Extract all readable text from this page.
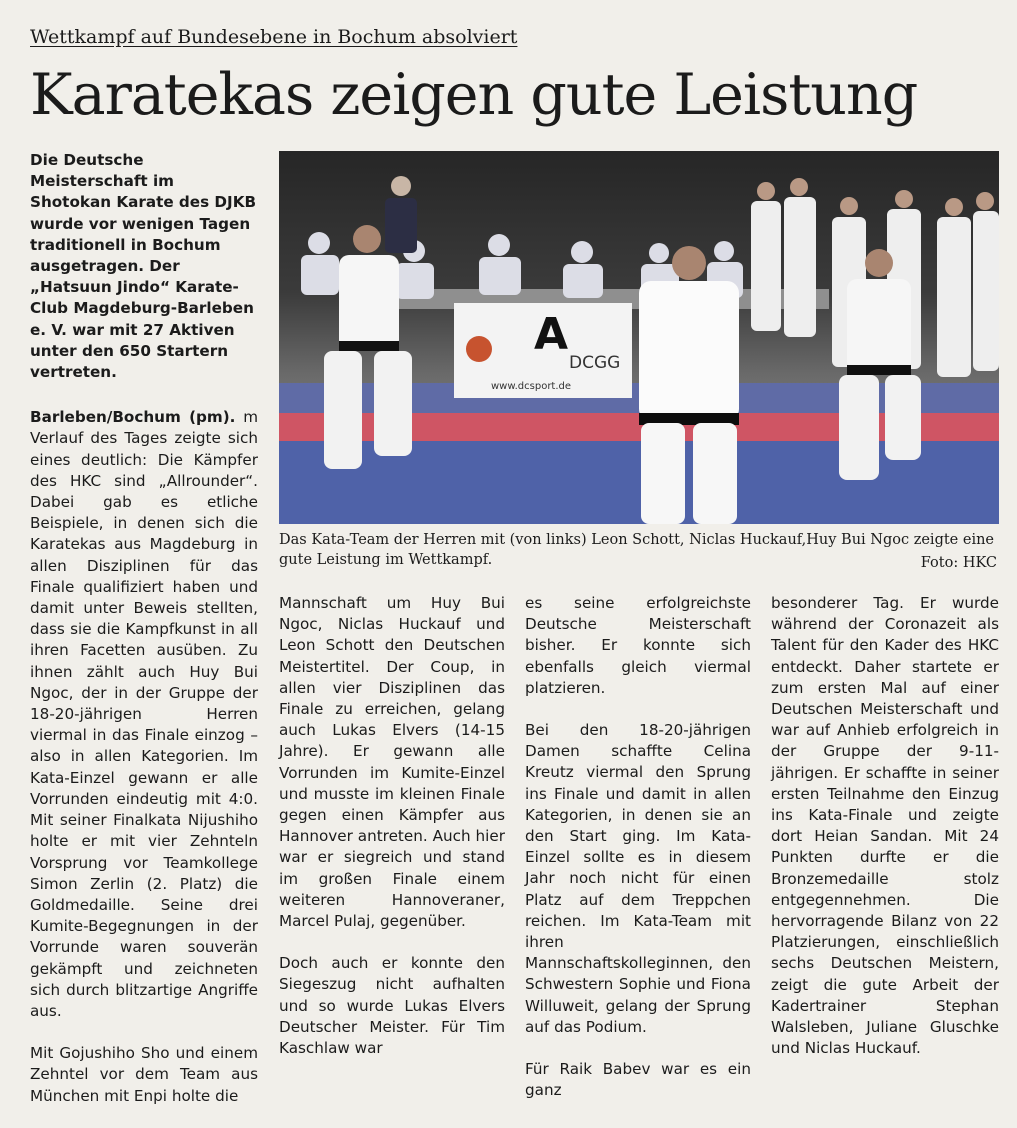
Wettkampf auf Bundesebene in Bochum absolviert
Karatekas zeigen gute Leistung

Die Deutsche Meisterschaft im Shotokan Karate des DJKB wurde vor wenigen Tagen traditionell in Bochum ausgetragen. Der „Hatsuun Jindo“ Karate-Club Magdeburg-Barleben e. V. war mit 27 Aktiven unter den 650 Startern vertreten.

Barleben/Bochum (pm). m Verlauf des Tages zeigte sich eines deutlich: Die Kämpfer des HKC sind „Allrounder“. Dabei gab es etliche Beispiele, in denen sich die Karatekas aus Magdeburg in allen Disziplinen für das Finale qualifiziert haben und damit unter Beweis stellten, dass sie die Kampfkunst in all ihren Facetten ausüben. Zu ihnen zählt auch Huy Bui Ngoc, der in der Gruppe der 18-20-jährigen Herren viermal in das Finale einzog – also in allen Kategorien. Im Kata-Einzel gewann er alle Vorrunden eindeutig mit 4:0. Mit seiner Finalkata Nijushiho holte er mit vier Zehnteln Vorsprung vor Teamkollege Simon Zerlin (2. Platz) die Goldmedaille. Seine drei Kumite-Begegnungen in der Vorrunde waren souverän gekämpft und zeichneten sich durch blitzartige Angriffe aus.

Mit Gojushiho Sho und einem Zehntel vor dem Team aus München mit Enpi holte die

A
DCGG
www.dcsport.de
Das Kata-Team der Herren mit (von links) Leon Schott, Niclas Huckauf,Huy Bui Ngoc zeigte eine gute Leistung im Wettkampf.	Foto: HKC

Mannschaft um Huy Bui Ngoc, Niclas Huckauf und Leon Schott den Deutschen Meistertitel. Der Coup, in allen vier Disziplinen das Finale zu erreichen, gelang auch Lukas Elvers (14-15 Jahre). Er gewann alle Vorrunden im Kumite-Einzel und musste im kleinen Finale gegen einen Kämpfer aus Hannover antreten. Auch hier war er siegreich und stand im großen Finale einem weiteren Hannoveraner, Marcel Pulaj, gegenüber.

Doch auch er konnte den Siegeszug nicht aufhalten und so wurde Lukas Elvers Deutscher Meister. Für Tim Kaschlaw war

es seine erfolgreichste Deutsche Meisterschaft bisher. Er konnte sich ebenfalls gleich viermal platzieren.

Bei den 18-20-jährigen Damen schaffte Celina Kreutz viermal den Sprung ins Finale und damit in allen Kategorien, in denen sie an den Start ging. Im Kata-Einzel sollte es in diesem Jahr noch nicht für einen Platz auf dem Treppchen reichen. Im Kata-Team mit ihren Mannschaftskolleginnen, den Schwestern Sophie und Fiona Willuweit, gelang der Sprung auf das Podium.

Für Raik Babev war es ein ganz

besonderer Tag. Er wurde während der Coronazeit als Talent für den Kader des HKC entdeckt. Daher startete er zum ersten Mal auf einer Deutschen Meisterschaft und war auf Anhieb erfolgreich in der Gruppe der 9-11-jährigen. Er schaffte in seiner ersten Teilnahme den Einzug ins Kata-Finale und zeigte dort Heian Sandan. Mit 24 Punkten durfte er die Bronzemedaille stolz entgegennehmen. Die hervorragende Bilanz von 22 Platzierungen, einschließlich sechs Deutschen Meistern, zeigt die gute Arbeit der Kadertrainer Stephan Walsleben, Juliane Gluschke und Niclas Huckauf.
